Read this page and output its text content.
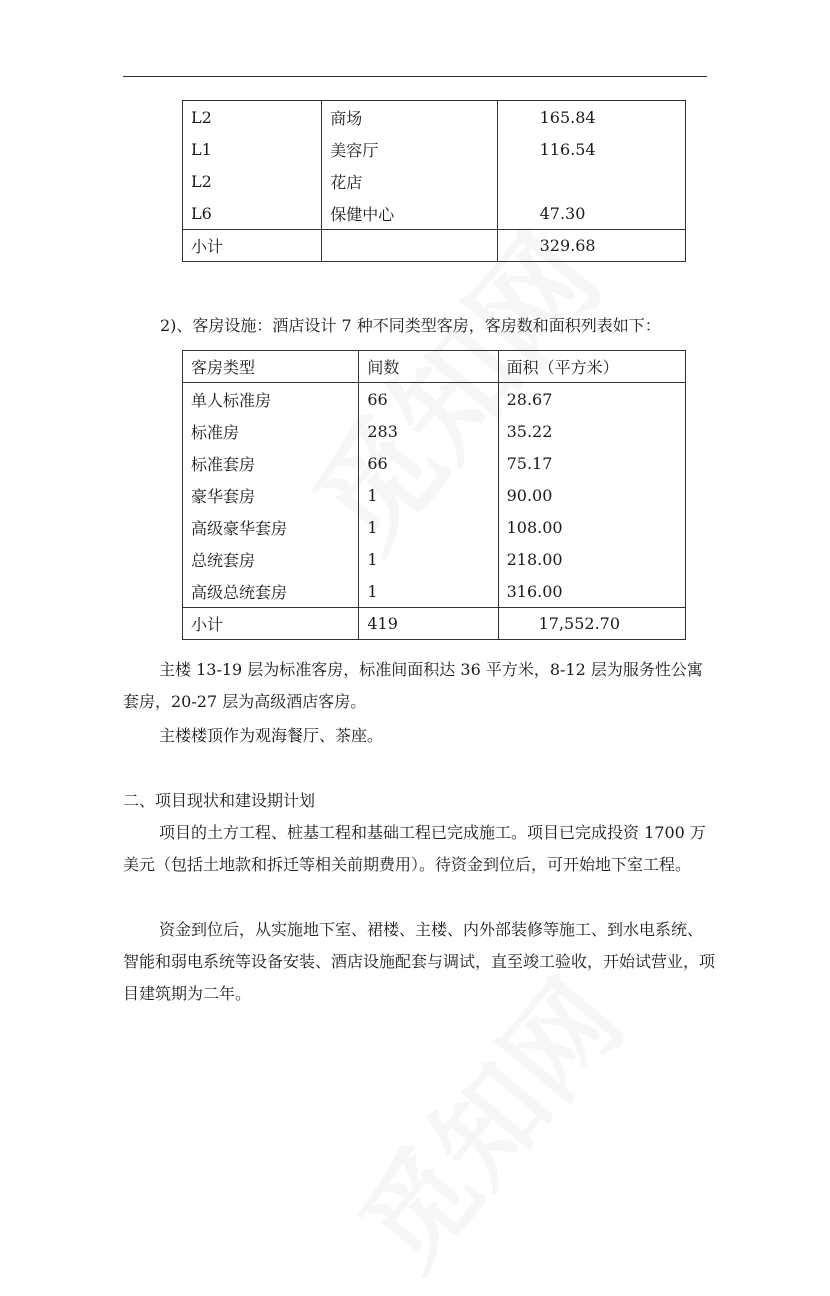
L2	商场	165.84
L1	美容厅	116.54
L2	花店	
L6	保健中心	47.30
小计		329.68

2)、客房设施：酒店设计 7 种不同类型客房，客房数和面积列表如下：

客房类型	间数	面积（平方米）
单人标准房	66	28.67
标准房	283	35.22
标准套房	66	75.17
豪华套房	1	90.00
高级豪华套房	1	108.00
总统套房	1	218.00
高级总统套房	1	316.00
小计	419	17,552.70

主楼 13-19 层为标准客房，标准间面积达 36 平方米，8-12 层为服务性公寓套房，20-27 层为高级酒店客房。

主楼楼顶作为观海餐厅、茶座。

二、项目现状和建设期计划

项目的土方工程、桩基工程和基础工程已完成施工。项目已完成投资 1700 万美元（包括土地款和拆迁等相关前期费用）。待资金到位后，可开始地下室工程。

资金到位后，从实施地下室、裙楼、主楼、内外部装修等施工、到水电系统、智能和弱电系统等设备安装、酒店设施配套与调试，直至竣工验收，开始试营业，项目建筑期为二年。
